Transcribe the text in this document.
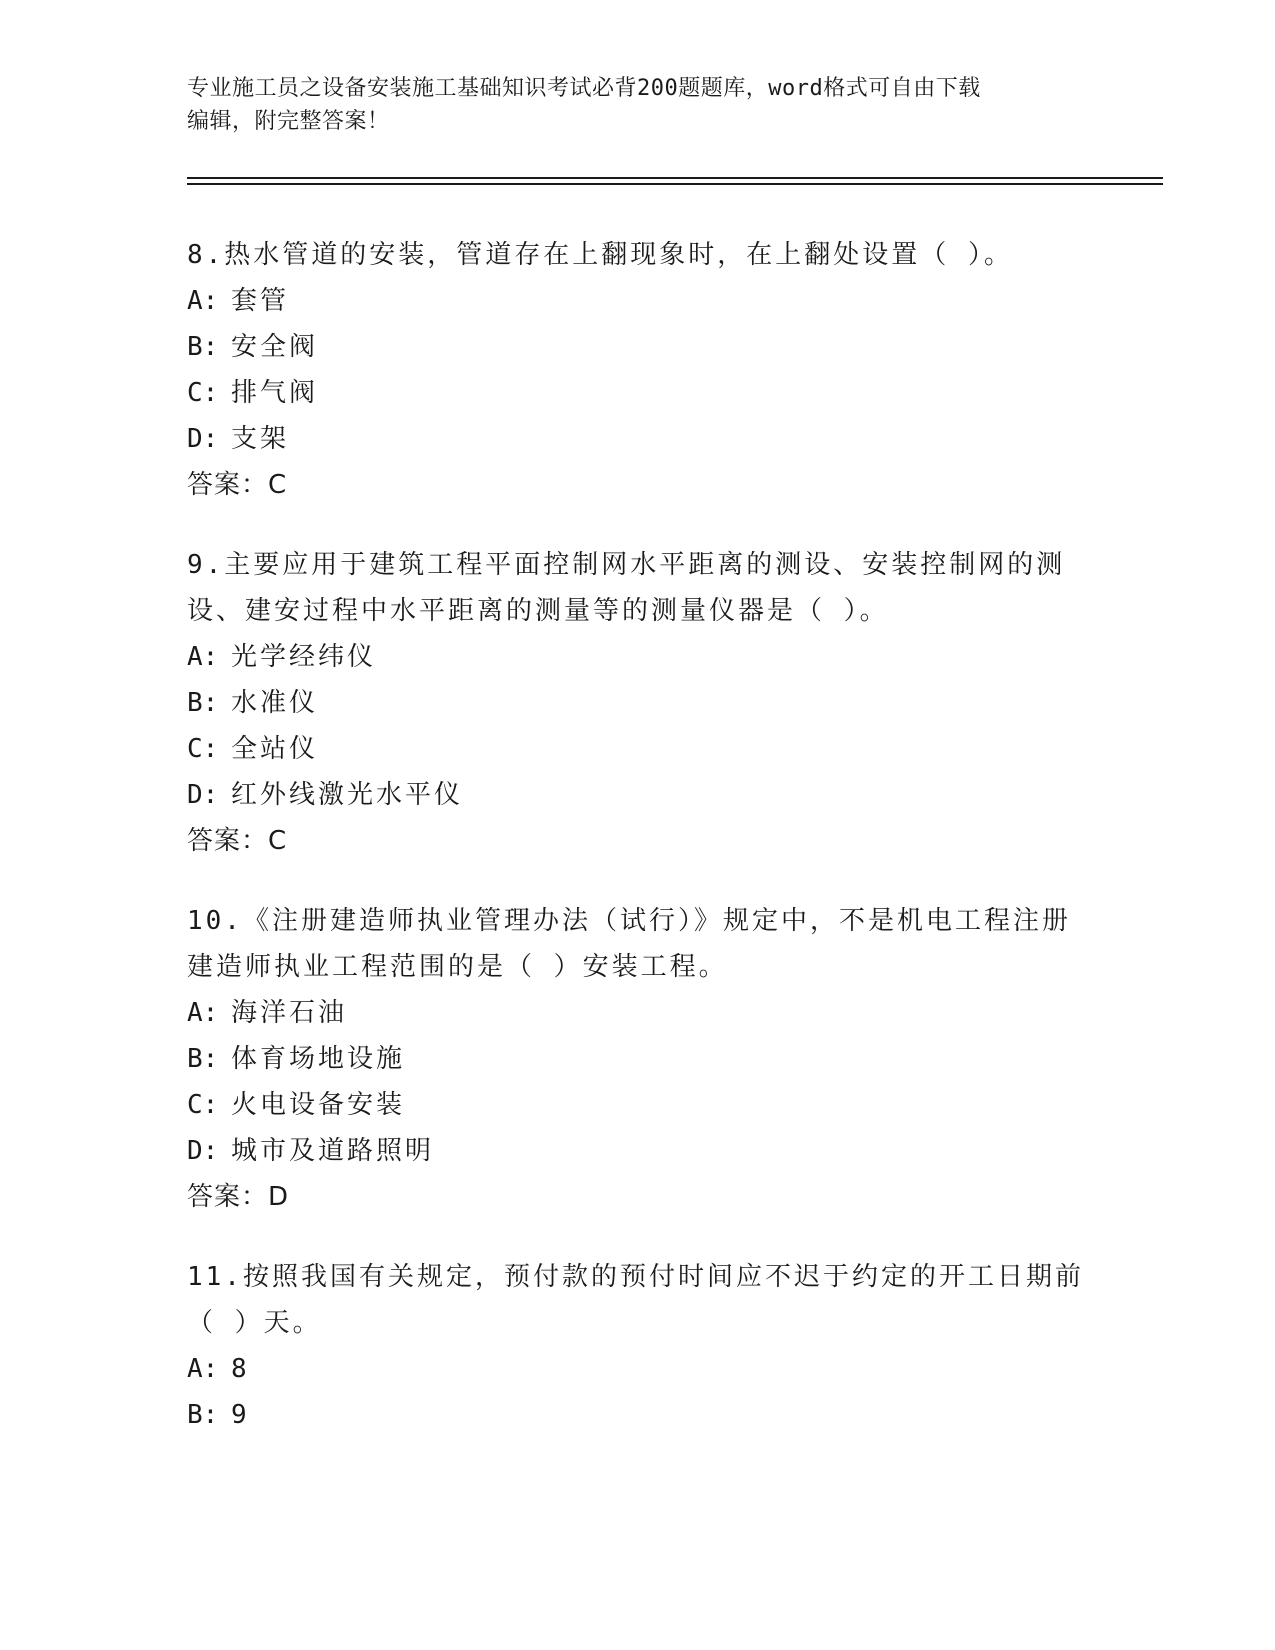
专业施工员之设备安装施工基础知识考试必背200题题库，word格式可自由下载
编辑，附完整答案！
8.热水管道的安装，管道存在上翻现象时，在上翻处设置（ ）。
A: 套管
B: 安全阀
C: 排气阀
D: 支架
答案：C
9.主要应用于建筑工程平面控制网水平距离的测设、安装控制网的测
设、建安过程中水平距离的测量等的测量仪器是（ ）。
A: 光学经纬仪
B: 水准仪
C: 全站仪
D: 红外线激光水平仪
答案：C
10.《注册建造师执业管理办法（试行）》规定中，不是机电工程注册
建造师执业工程范围的是（ ）安装工程。
A: 海洋石油
B: 体育场地设施
C: 火电设备安装
D: 城市及道路照明
答案：D
11.按照我国有关规定，预付款的预付时间应不迟于约定的开工日期前
（ ）天。
A: 8
B: 9
